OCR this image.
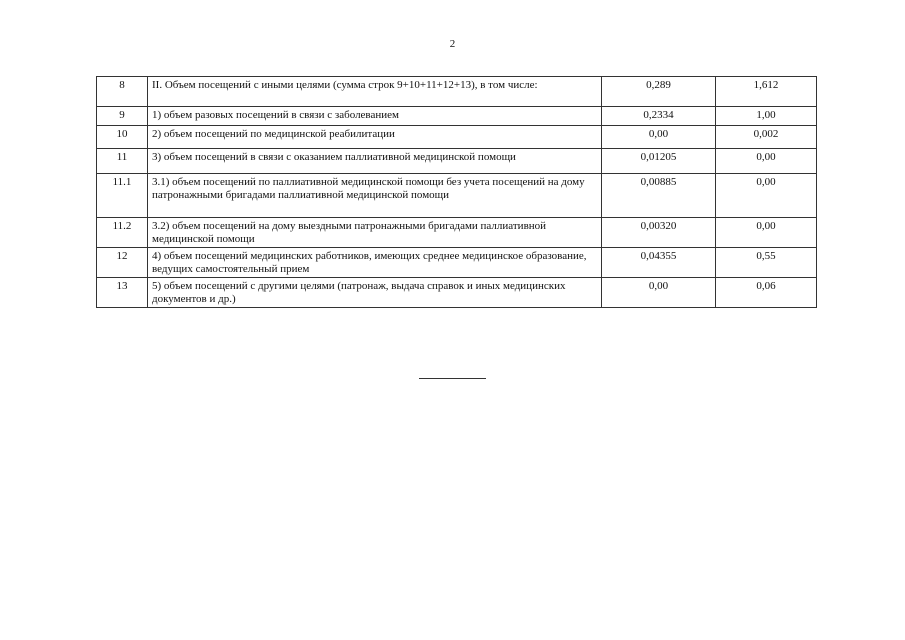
2
8	II. Объем посещений с иными целями (сумма строк 9+10+11+12+13), в том числе:	0,289	1,612
9	1) объем разовых посещений в связи с заболеванием	0,2334	1,00
10	2) объем посещений по медицинской реабилитации	0,00	0,002
11	3) объем посещений в связи с оказанием паллиативной медицинской помощи	0,01205	0,00
11.1	3.1) объем посещений по паллиативной медицинской помощи без учета посещений на дому патронажными бригадами паллиативной медицинской помощи	0,00885	0,00
11.2	3.2) объем посещений на дому выездными патронажными бригадами паллиативной медицинской помощи	0,00320	0,00
12	4) объем посещений медицинских работников, имеющих среднее медицинское образование, ведущих самостоятельный прием	0,04355	0,55
13	5) объем посещений с другими целями (патронаж, выдача справок и иных медицинских документов и др.)	0,00	0,06
